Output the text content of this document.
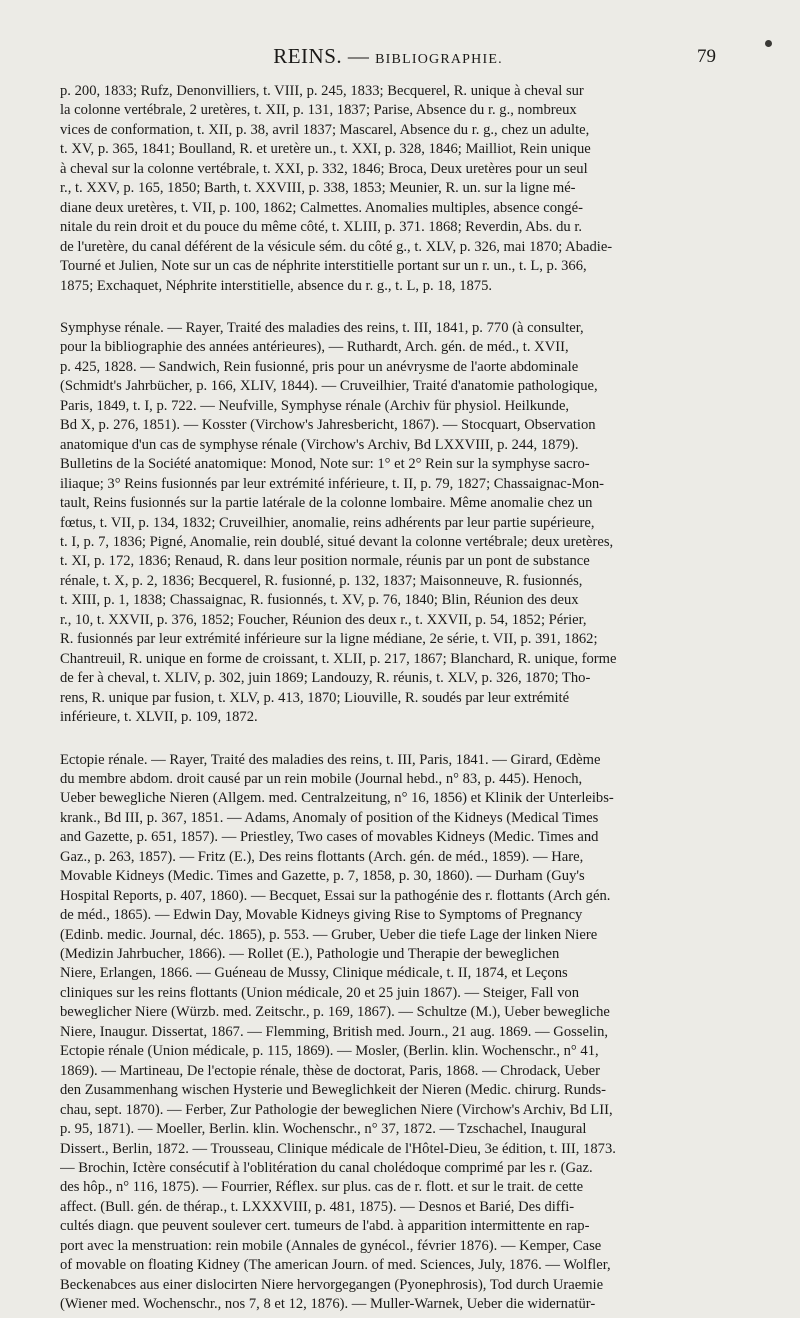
REINS. — BIBLIOGRAPHIE.	79
p. 200, 1833; Rufz, Denonvilliers, t. VIII, p. 245, 1833; Becquerel, R. unique à cheval sur
la colonne vertébrale, 2 uretères, t. XII, p. 131, 1837; Parise, Absence du r. g., nombreux
vices de conformation, t. XII, p. 38, avril 1837; Mascarel, Absence du r. g., chez un adulte,
t. XV, p. 365, 1841; Boulland, R. et uretère un., t. XXI, p. 328, 1846; Mailliot, Rein unique
à cheval sur la colonne vertébrale, t. XXI, p. 332, 1846; Broca, Deux uretères pour un seul
r., t. XXV, p. 165, 1850; Barth, t. XXVIII, p. 338, 1853; Meunier, R. un. sur la ligne mé-
diane deux uretères, t. VII, p. 100, 1862; Calmettes. Anomalies multiples, absence congé-
nitale du rein droit et du pouce du même côté, t. XLIII, p. 371. 1868; Reverdin, Abs. du r.
de l'uretère, du canal déférent de la vésicule sém. du côté g., t. XLV, p. 326, mai 1870; Abadie-
Tourné et Julien, Note sur un cas de néphrite interstitielle portant sur un r. un., t. L, p. 366,
1875; Exchaquet, Néphrite interstitielle, absence du r. g., t. L, p. 18, 1875.
Symphyse rénale. — Rayer, Traité des maladies des reins, t. III, 1841, p. 770 (à consulter,
pour la bibliographie des années antérieures), — Ruthardt, Arch. gén. de méd., t. XVII,
p. 425, 1828. — Sandwich, Rein fusionné, pris pour un anévrysme de l'aorte abdominale
(Schmidt's Jahrbücher, p. 166, XLIV, 1844). — Cruveilhier, Traité d'anatomie pathologique,
Paris, 1849, t. I, p. 722. — Neufville, Symphyse rénale (Archiv für physiol. Heilkunde,
Bd X, p. 276, 1851). — Kosster (Virchow's Jahresbericht, 1867). — Stocquart, Observation
anatomique d'un cas de symphyse rénale (Virchow's Archiv, Bd LXXVIII, p. 244, 1879).
Bulletins de la Société anatomique: Monod, Note sur: 1° et 2° Rein sur la symphyse sacro-
iliaque; 3° Reins fusionnés par leur extrémité inférieure, t. II, p. 79, 1827; Chassaignac-Mon-
tault, Reins fusionnés sur la partie latérale de la colonne lombaire. Même anomalie chez un
fœtus, t. VII, p. 134, 1832; Cruveilhier, anomalie, reins adhérents par leur partie supérieure,
t. I, p. 7, 1836; Pigné, Anomalie, rein doublé, situé devant la colonne vertébrale; deux uretères,
t. XI, p. 172, 1836; Renaud, R. dans leur position normale, réunis par un pont de substance
rénale, t. X, p. 2, 1836; Becquerel, R. fusionné, p. 132, 1837; Maisonneuve, R. fusionnés,
t. XIII, p. 1, 1838; Chassaignac, R. fusionnés, t. XV, p. 76, 1840; Blin, Réunion des deux
r., 10, t. XXVII, p. 376, 1852; Foucher, Réunion des deux r., t. XXVII, p. 54, 1852; Périer,
R. fusionnés par leur extrémité inférieure sur la ligne médiane, 2e série, t. VII, p. 391, 1862;
Chantreuil, R. unique en forme de croissant, t. XLII, p. 217, 1867; Blanchard, R. unique, forme
de fer à cheval, t. XLIV, p. 302, juin 1869; Landouzy, R. réunis, t. XLV, p. 326, 1870; Tho-
rens, R. unique par fusion, t. XLV, p. 413, 1870; Liouville, R. soudés par leur extrémité
inférieure, t. XLVII, p. 109, 1872.
Ectopie rénale. — Rayer, Traité des maladies des reins, t. III, Paris, 1841. — Girard, Œdème
du membre abdom. droit causé par un rein mobile (Journal hebd., n° 83, p. 445). Henoch,
Ueber bewegliche Nieren (Allgem. med. Centralzeitung, n° 16, 1856) et Klinik der Unterleibs-
krank., Bd III, p. 367, 1851. — Adams, Anomaly of position of the Kidneys (Medical Times
and Gazette, p. 651, 1857). — Priestley, Two cases of movables Kidneys (Medic. Times and
Gaz., p. 263, 1857). — Fritz (E.), Des reins flottants (Arch. gén. de méd., 1859). — Hare,
Movable Kidneys (Medic. Times and Gazette, p. 7, 1858, p. 30, 1860). — Durham (Guy's
Hospital Reports, p. 407, 1860). — Becquet, Essai sur la pathogénie des r. flottants (Arch gén.
de méd., 1865). — Edwin Day, Movable Kidneys giving Rise to Symptoms of Pregnancy
(Edinb. medic. Journal, déc. 1865), p. 553. — Gruber, Ueber die tiefe Lage der linken Niere
(Medizin Jahrbucher, 1866). — Rollet (E.), Pathologie und Therapie der beweglichen
Niere, Erlangen, 1866. — Guéneau de Mussy, Clinique médicale, t. II, 1874, et Leçons
cliniques sur les reins flottants (Union médicale, 20 et 25 juin 1867). — Steiger, Fall von
beweglicher Niere (Würzb. med. Zeitschr., p. 169, 1867). — Schultze (M.), Ueber bewegliche
Niere, Inaugur. Dissertat, 1867. — Flemming, British med. Journ., 21 aug. 1869. — Gosselin,
Ectopie rénale (Union médicale, p. 115, 1869). — Mosler, (Berlin. klin. Wochenschr., n° 41,
1869). — Martineau, De l'ectopie rénale, thèse de doctorat, Paris, 1868. — Chrodack, Ueber
den Zusammenhang wischen Hysterie und Beweglichkeit der Nieren (Medic. chirurg. Runds-
chau, sept. 1870). — Ferber, Zur Pathologie der beweglichen Niere (Virchow's Archiv, Bd LII,
p. 95, 1871). — Moeller, Berlin. klin. Wochenschr., n° 37, 1872. — Tzschachel, Inaugural
Dissert., Berlin, 1872. — Trousseau, Clinique médicale de l'Hôtel-Dieu, 3e édition, t. III, 1873.
— Brochin, Ictère consécutif à l'oblitération du canal cholédoque comprimé par les r. (Gaz.
des hôp., n° 116, 1875). — Fourrier, Réflex. sur plus. cas de r. flott. et sur le trait. de cette
affect. (Bull. gén. de thérap., t. LXXXVIII, p. 481, 1875). — Desnos et Barié, Des diffi-
cultés diagn. que peuvent soulever cert. tumeurs de l'abd. à apparition intermittente en rap-
port avec la menstruation: rein mobile (Annales de gynécol., février 1876). — Kemper, Case
of movable on floating Kidney (The american Journ. of med. Sciences, July, 1876. — Wolfler,
Beckenabces aus einer dislocirten Niere hervorgegangen (Pyonephrosis), Tod durch Uraemie
(Wiener med. Wochenschr., nos 7, 8 et 12, 1876). — Muller-Warnek, Ueber die widernatür-
